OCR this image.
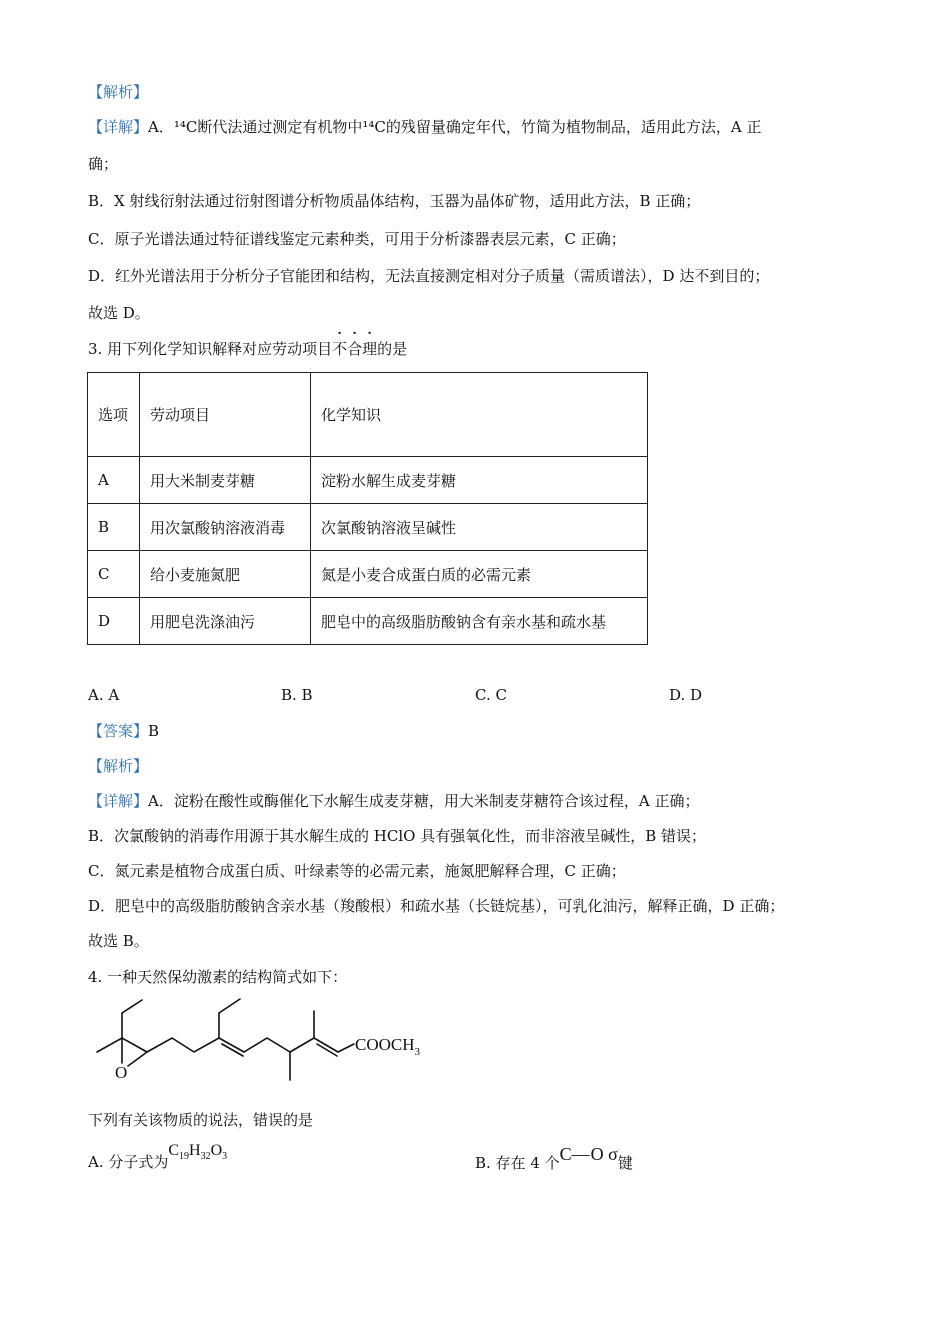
【解析】
【详解】A．¹⁴C断代法通过测定有机物中¹⁴C的残留量确定年代，竹简为植物制品，适用此方法，A 正
确；
B．X 射线衍射法通过衍射图谱分析物质晶体结构，玉器为晶体矿物，适用此方法，B 正确；
C．原子光谱法通过特征谱线鉴定元素种类，可用于分析漆器表层元素，C 正确；
D．红外光谱法用于分析分子官能团和结构，无法直接测定相对分子质量（需质谱法），D 达不到目的；
故选 D。
3. 用下列化学知识解释对应劳动项目不合理的是
选项	劳动项目	化学知识
A	用大米制麦芽糖	淀粉水解生成麦芽糖
B	用次氯酸钠溶液消毒	次氯酸钠溶液呈碱性
C	给小麦施氮肥	氮是小麦合成蛋白质的必需元素
D	用肥皂洗涤油污	肥皂中的高级脂肪酸钠含有亲水基和疏水基
A. A	B. B	C. C	D. D
【答案】B
【解析】
【详解】A．淀粉在酸性或酶催化下水解生成麦芽糖，用大米制麦芽糖符合该过程，A 正确；
B．次氯酸钠的消毒作用源于其水解生成的 HClO 具有强氧化性，而非溶液呈碱性，B 错误；
C．氮元素是植物合成蛋白质、叶绿素等的必需元素，施氮肥解释合理，C 正确；
D．肥皂中的高级脂肪酸钠含亲水基（羧酸根）和疏水基（长链烷基），可乳化油污，解释正确，D 正确；
故选 B。
4. 一种天然保幼激素的结构简式如下：
O
$COOCH_3$
下列有关该物质的说法，错误的是
A. 分子式为$C_{19}H_{32}O_3$	B. 存在 4 个C—O σ键
